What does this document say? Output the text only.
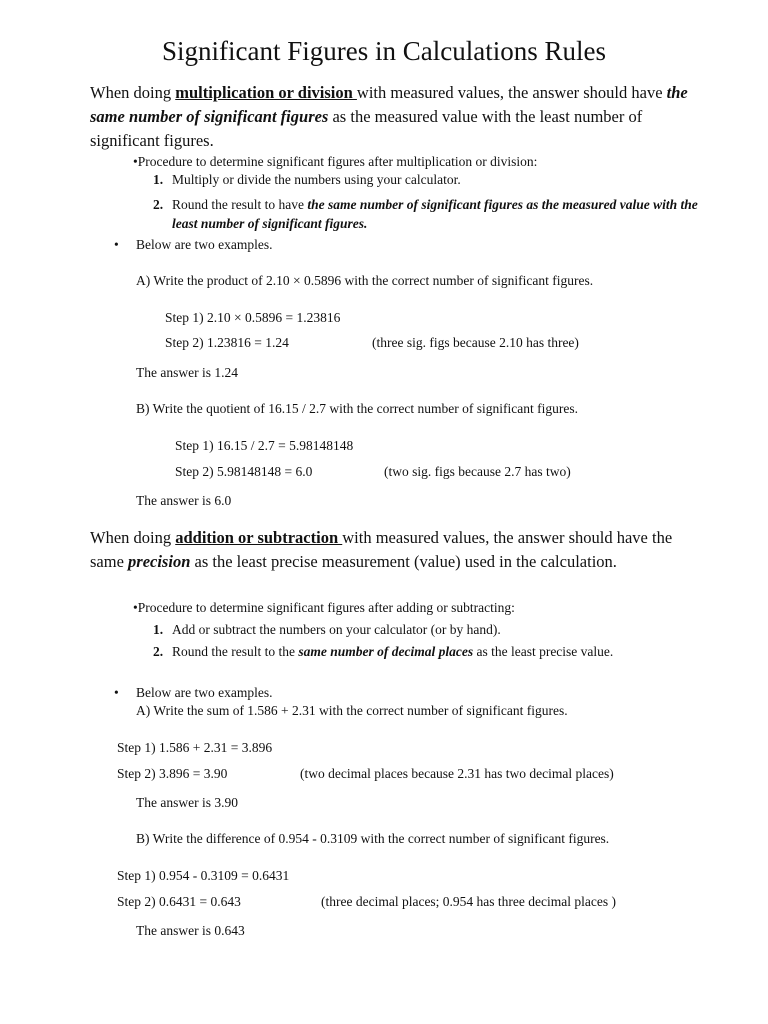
Significant Figures in Calculations Rules
When doing multiplication or division with measured values, the answer should have the same number of significant figures as the measured value with the least number of significant figures.
•Procedure to determine significant figures after multiplication or division:
1. Multiply or divide the numbers using your calculator.
2. Round the result to have the same number of significant figures as the measured value with the least number of significant figures.
• Below are two examples.
A) Write the product of 2.10 × 0.5896 with the correct number of significant figures.
Step 1) 2.10 × 0.5896 = 1.23816
Step 2) 1.23816 = 1.24	(three sig. figs because 2.10 has three)
The answer is 1.24
B) Write the quotient of 16.15 / 2.7 with the correct number of significant figures.
Step 1) 16.15 / 2.7 = 5.98148148
Step 2) 5.98148148 = 6.0	(two sig. figs because 2.7 has two)
The answer is 6.0
When doing addition or subtraction with measured values, the answer should have the same precision as the least precise measurement (value) used in the calculation.
•Procedure to determine significant figures after adding or subtracting:
1. Add or subtract the numbers on your calculator (or by hand).
2. Round the result to the same number of decimal places as the least precise value.
• Below are two examples.
A) Write the sum of 1.586 + 2.31 with the correct number of significant figures.
Step 1) 1.586 + 2.31 = 3.896
Step 2) 3.896 = 3.90	(two decimal places because 2.31 has two decimal places)
The answer is 3.90
B) Write the difference of 0.954 - 0.3109 with the correct number of significant figures.
Step 1) 0.954 - 0.3109 = 0.6431
Step 2) 0.6431 = 0.643	(three decimal places; 0.954 has three decimal places )
The answer is 0.643
